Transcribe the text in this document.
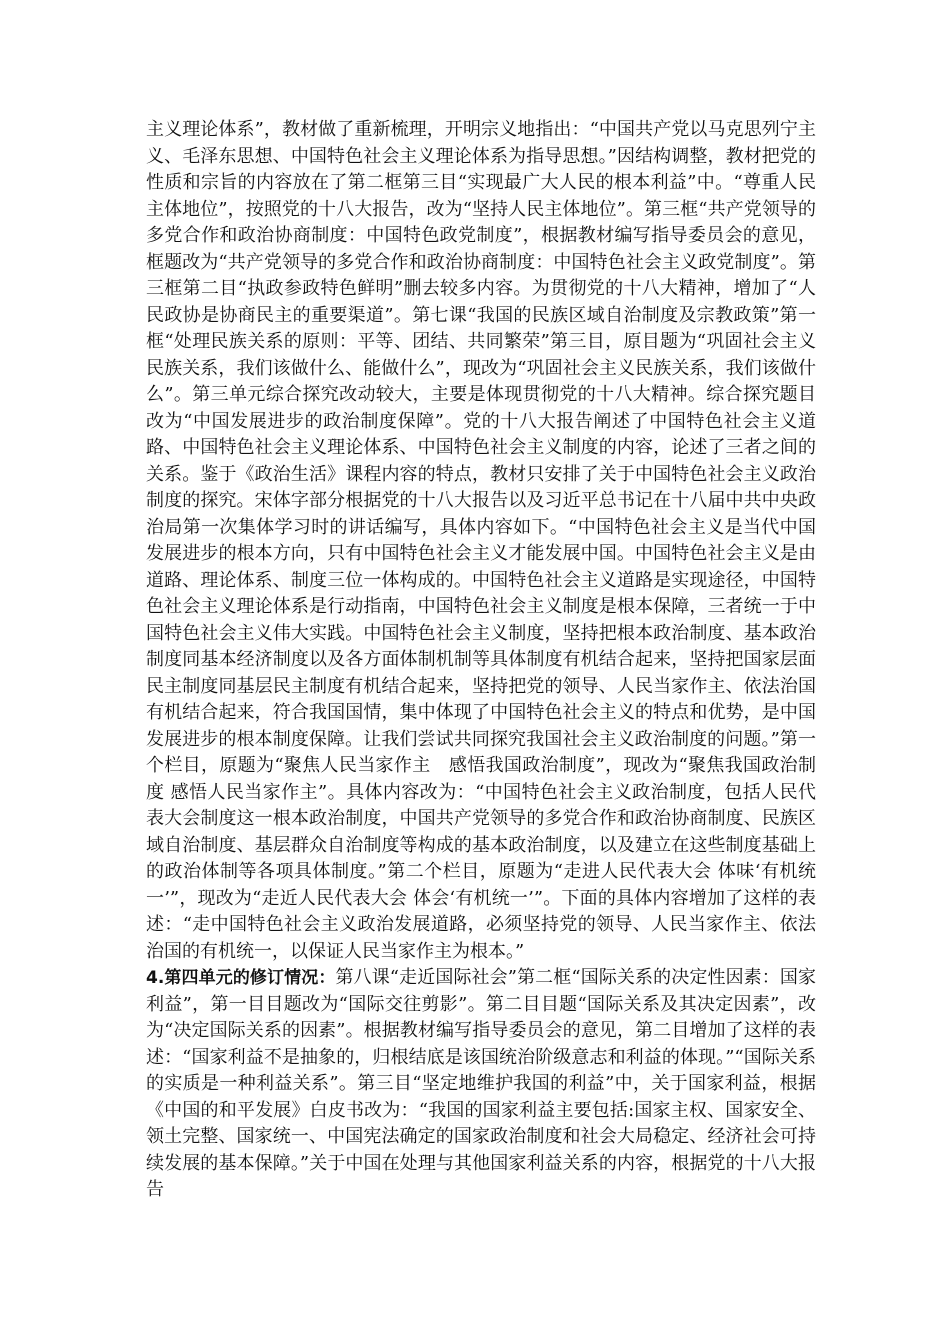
主义理论体系”，教材做了重新梳理，开明宗义地指出：“中国共产党以马克思列宁主义、毛泽东思想、中国特色社会主义理论体系为指导思想。”因结构调整，教材把党的性质和宗旨的内容放在了第二框第三目“实现最广大人民的根本利益”中。“尊重人民主体地位”，按照党的十八大报告，改为“坚持人民主体地位”。第三框“共产党领导的多党合作和政治协商制度：中国特色政党制度”，根据教材编写指导委员会的意见，框题改为“共产党领导的多党合作和政治协商制度：中国特色社会主义政党制度”。第三框第二目“执政参政特色鲜明”删去较多内容。为贯彻党的十八大精神，增加了“人民政协是协商民主的重要渠道”。第七课“我国的民族区域自治制度及宗教政策”第一框“处理民族关系的原则：平等、团结、共同繁荣”第三目，原目题为“巩固社会主义民族关系，我们该做什么、能做什么”，现改为“巩固社会主义民族关系，我们该做什么”。第三单元综合探究改动较大，主要是体现贯彻党的十八大精神。综合探究题目改为“中国发展进步的政治制度保障”。党的十八大报告阐述了中国特色社会主义道路、中国特色社会主义理论体系、中国特色社会主义制度的内容，论述了三者之间的关系。鉴于《政治生活》课程内容的特点，教材只安排了关于中国特色社会主义政治制度的探究。宋体字部分根据党的十八大报告以及习近平总书记在十八届中共中央政治局第一次集体学习时的讲话编写，具体内容如下。“中国特色社会主义是当代中国发展进步的根本方向，只有中国特色社会主义才能发展中国。中国特色社会主义是由道路、理论体系、制度三位一体构成的。中国特色社会主义道路是实现途径，中国特色社会主义理论体系是行动指南，中国特色社会主义制度是根本保障，三者统一于中国特色社会主义伟大实践。中国特色社会主义制度，坚持把根本政治制度、基本政治制度同基本经济制度以及各方面体制机制等具体制度有机结合起来，坚持把国家层面民主制度同基层民主制度有机结合起来，坚持把党的领导、人民当家作主、依法治国有机结合起来，符合我国国情，集中体现了中国特色社会主义的特点和优势，是中国发展进步的根本制度保障。让我们尝试共同探究我国社会主义政治制度的问题。”第一个栏目，原题为“聚焦人民当家作主　感悟我国政治制度”，现改为“聚焦我国政治制度 感悟人民当家作主”。具体内容改为：“中国特色社会主义政治制度，包括人民代表大会制度这一根本政治制度，中国共产党领导的多党合作和政治协商制度、民族区域自治制度、基层群众自治制度等构成的基本政治制度，以及建立在这些制度基础上的政治体制等各项具体制度。”第二个栏目，原题为“走进人民代表大会 体味‘有机统一’”，现改为“走近人民代表大会 体会‘有机统一’”。下面的具体内容增加了这样的表述：“走中国特色社会主义政治发展道路，必须坚持党的领导、人民当家作主、依法治国的有机统一，以保证人民当家作主为根本。”

4.第四单元的修订情况：第八课“走近国际社会”第二框“国际关系的决定性因素：国家利益”，第一目目题改为“国际交往剪影”。第二目目题“国际关系及其决定因素”，改为“决定国际关系的因素”。根据教材编写指导委员会的意见，第二目增加了这样的表述：“国家利益不是抽象的，归根结底是该国统治阶级意志和利益的体现。”“国际关系的实质是一种利益关系”。第三目“坚定地维护我国的利益”中，关于国家利益，根据《中国的和平发展》白皮书改为：“我国的国家利益主要包括:国家主权、国家安全、领土完整、国家统一、中国宪法确定的国家政治制度和社会大局稳定、经济社会可持续发展的基本保障。”关于中国在处理与其他国家利益关系的内容，根据党的十八大报告
